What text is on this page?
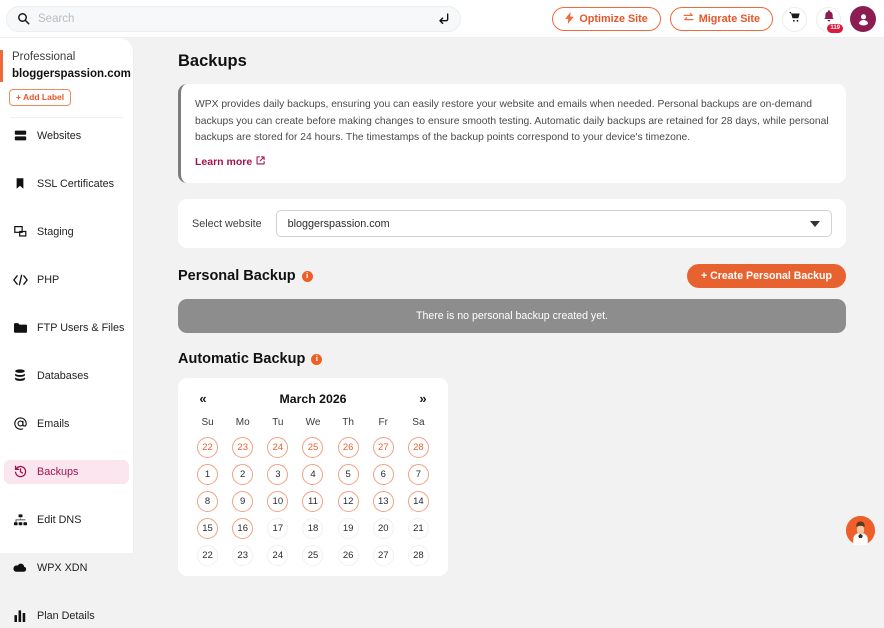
Search
Optimize Site	Migrate Site
119
Professional
bloggerspassion.com
+ Add Label
Websites
SSL Certificates
Staging
PHP
FTP Users & Files
Databases
Emails
Backups
Edit DNS
WPX XDN
Plan Details
Backups
WPX provides daily backups, ensuring you can easily restore your website and emails when needed. Personal backups are on-demand backups you can create before making changes to ensure smooth testing. Automatic daily backups are retained for 28 days, while personal backups are stored for 24 hours. The timestamps of the backup points correspond to your device's timezone.
Learn more
Select website bloggerspassion.com
Personal Backup	i	+ Create Personal Backup
There is no personal backup created yet.
Automatic Backup	i
«	March 2026	»
Su	Mo	Tu	We	Th	Fr	Sa
22	23	24	25	26	27	28
1	2	3	4	5	6	7
8	9	10	11	12	13	14
15	16	17	18	19	20	21
22	23	24	25	26	27	28
